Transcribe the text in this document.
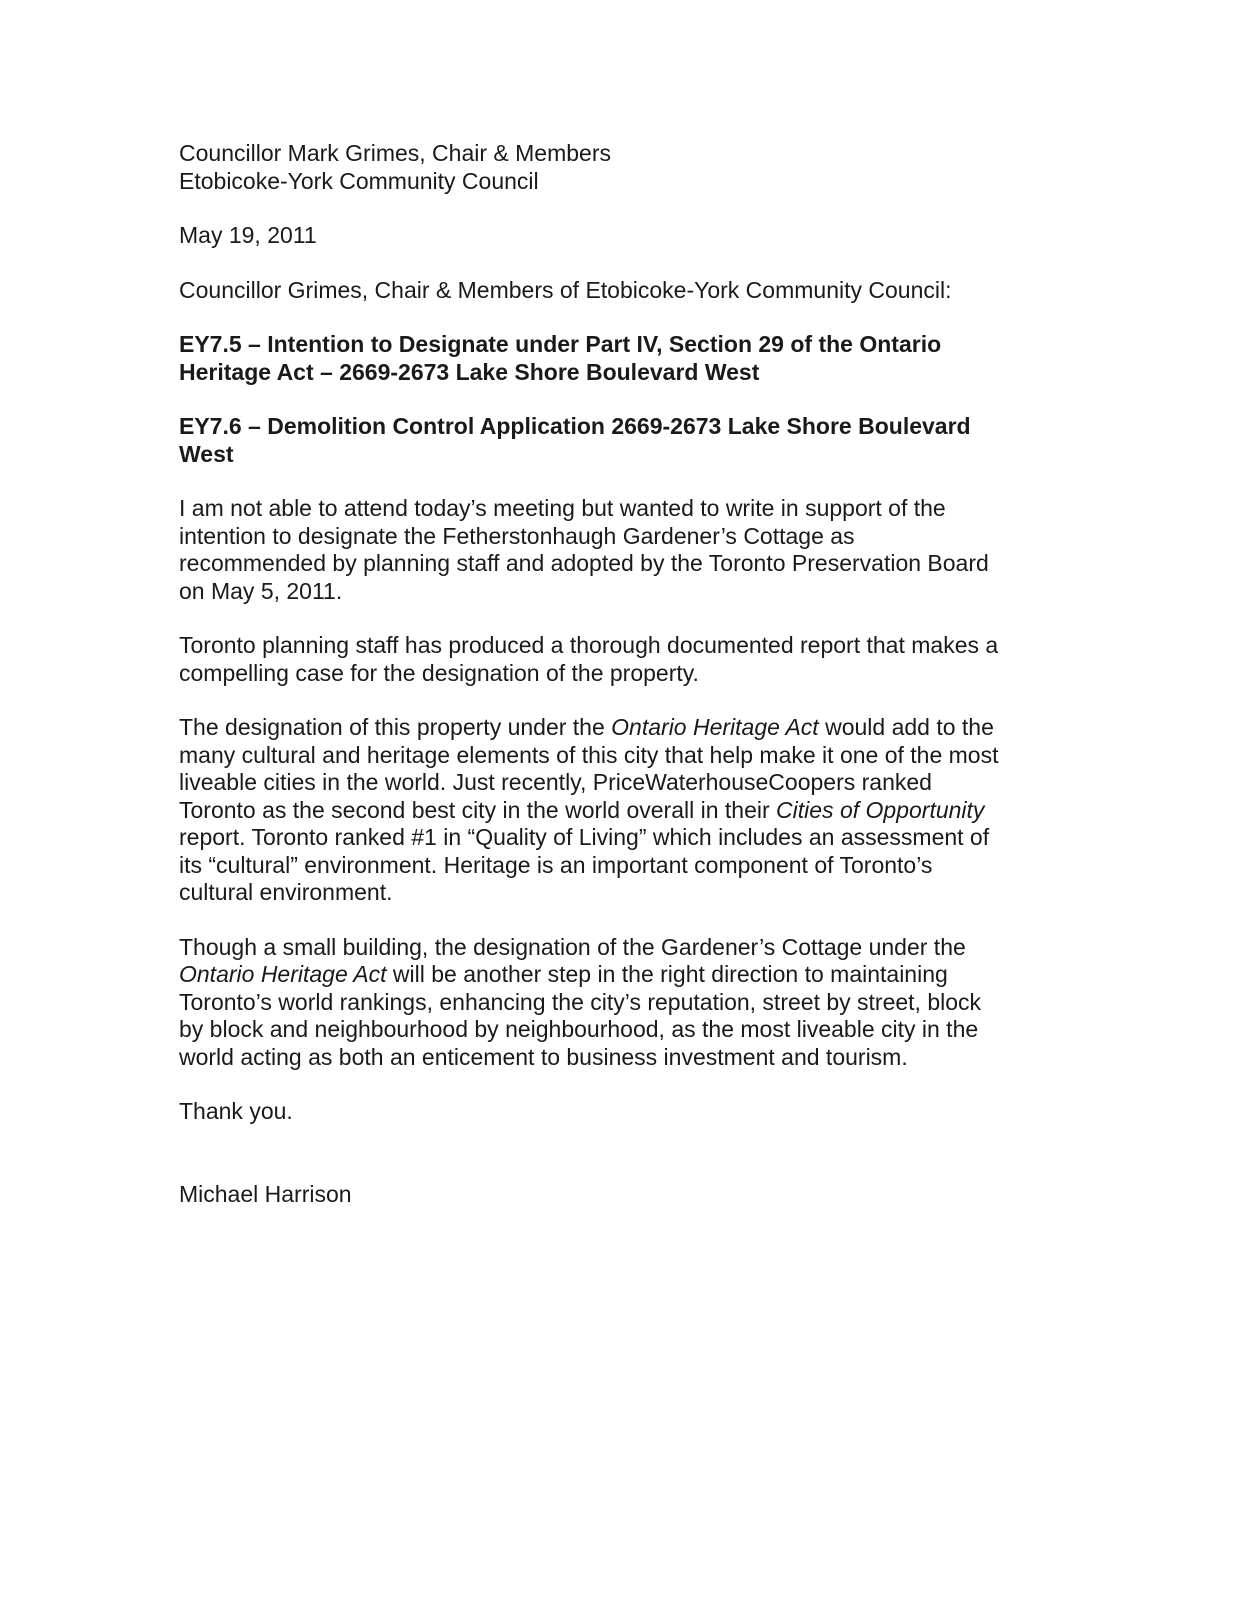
Councillor Mark Grimes, Chair & Members
Etobicoke-York Community Council

May 19, 2011

Councillor Grimes, Chair & Members of Etobicoke-York Community Council:

EY7.5 – Intention to Designate under Part IV, Section 29 of the Ontario
Heritage Act – 2669-2673 Lake Shore Boulevard West

EY7.6 – Demolition Control Application 2669-2673 Lake Shore Boulevard
West

I am not able to attend today’s meeting but wanted to write in support of the
intention to designate the Fetherstonhaugh Gardener’s Cottage as
recommended by planning staff and adopted by the Toronto Preservation Board
on May 5, 2011.

Toronto planning staff has produced a thorough documented report that makes a
compelling case for the designation of the property.

The designation of this property under the Ontario Heritage Act would add to the
many cultural and heritage elements of this city that help make it one of the most
liveable cities in the world. Just recently, PriceWaterhouseCoopers ranked
Toronto as the second best city in the world overall in their Cities of Opportunity
report. Toronto ranked #1 in “Quality of Living” which includes an assessment of
its “cultural” environment. Heritage is an important component of Toronto’s
cultural environment.

Though a small building, the designation of the Gardener’s Cottage under the
Ontario Heritage Act will be another step in the right direction to maintaining
Toronto’s world rankings, enhancing the city’s reputation, street by street, block
by block and neighbourhood by neighbourhood, as the most liveable city in the
world acting as both an enticement to business investment and tourism.

Thank you.

Michael Harrison
